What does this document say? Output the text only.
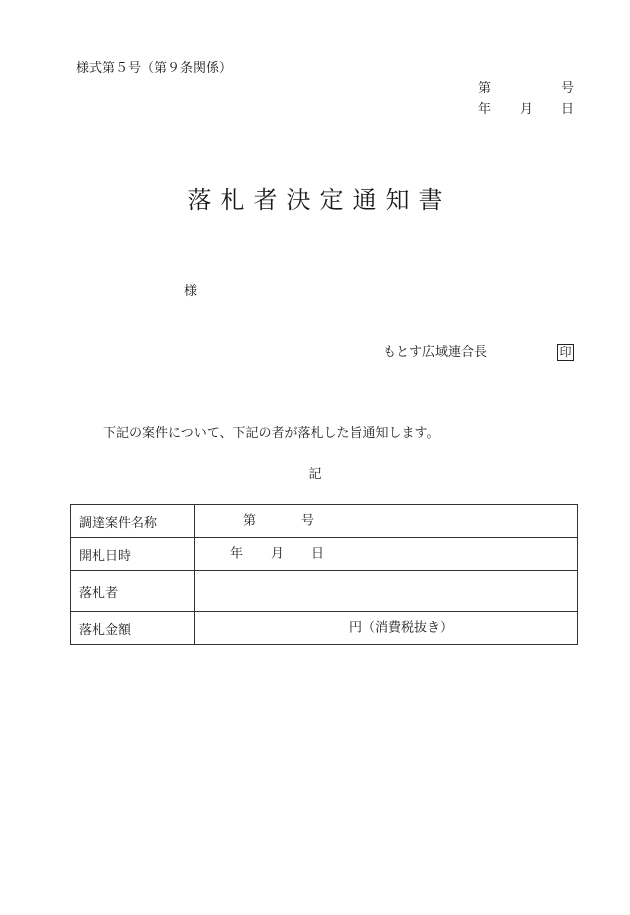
様式第５号（第９条関係）
第	号
年 月 日
落札者決定通知書
様
もとす広域連合長	印
下記の案件について、下記の者が落札した旨通知します。
記
調達案件名称	第 号

開札日時	年 月 日

落札者	
落札金額	円（消費税抜き）
